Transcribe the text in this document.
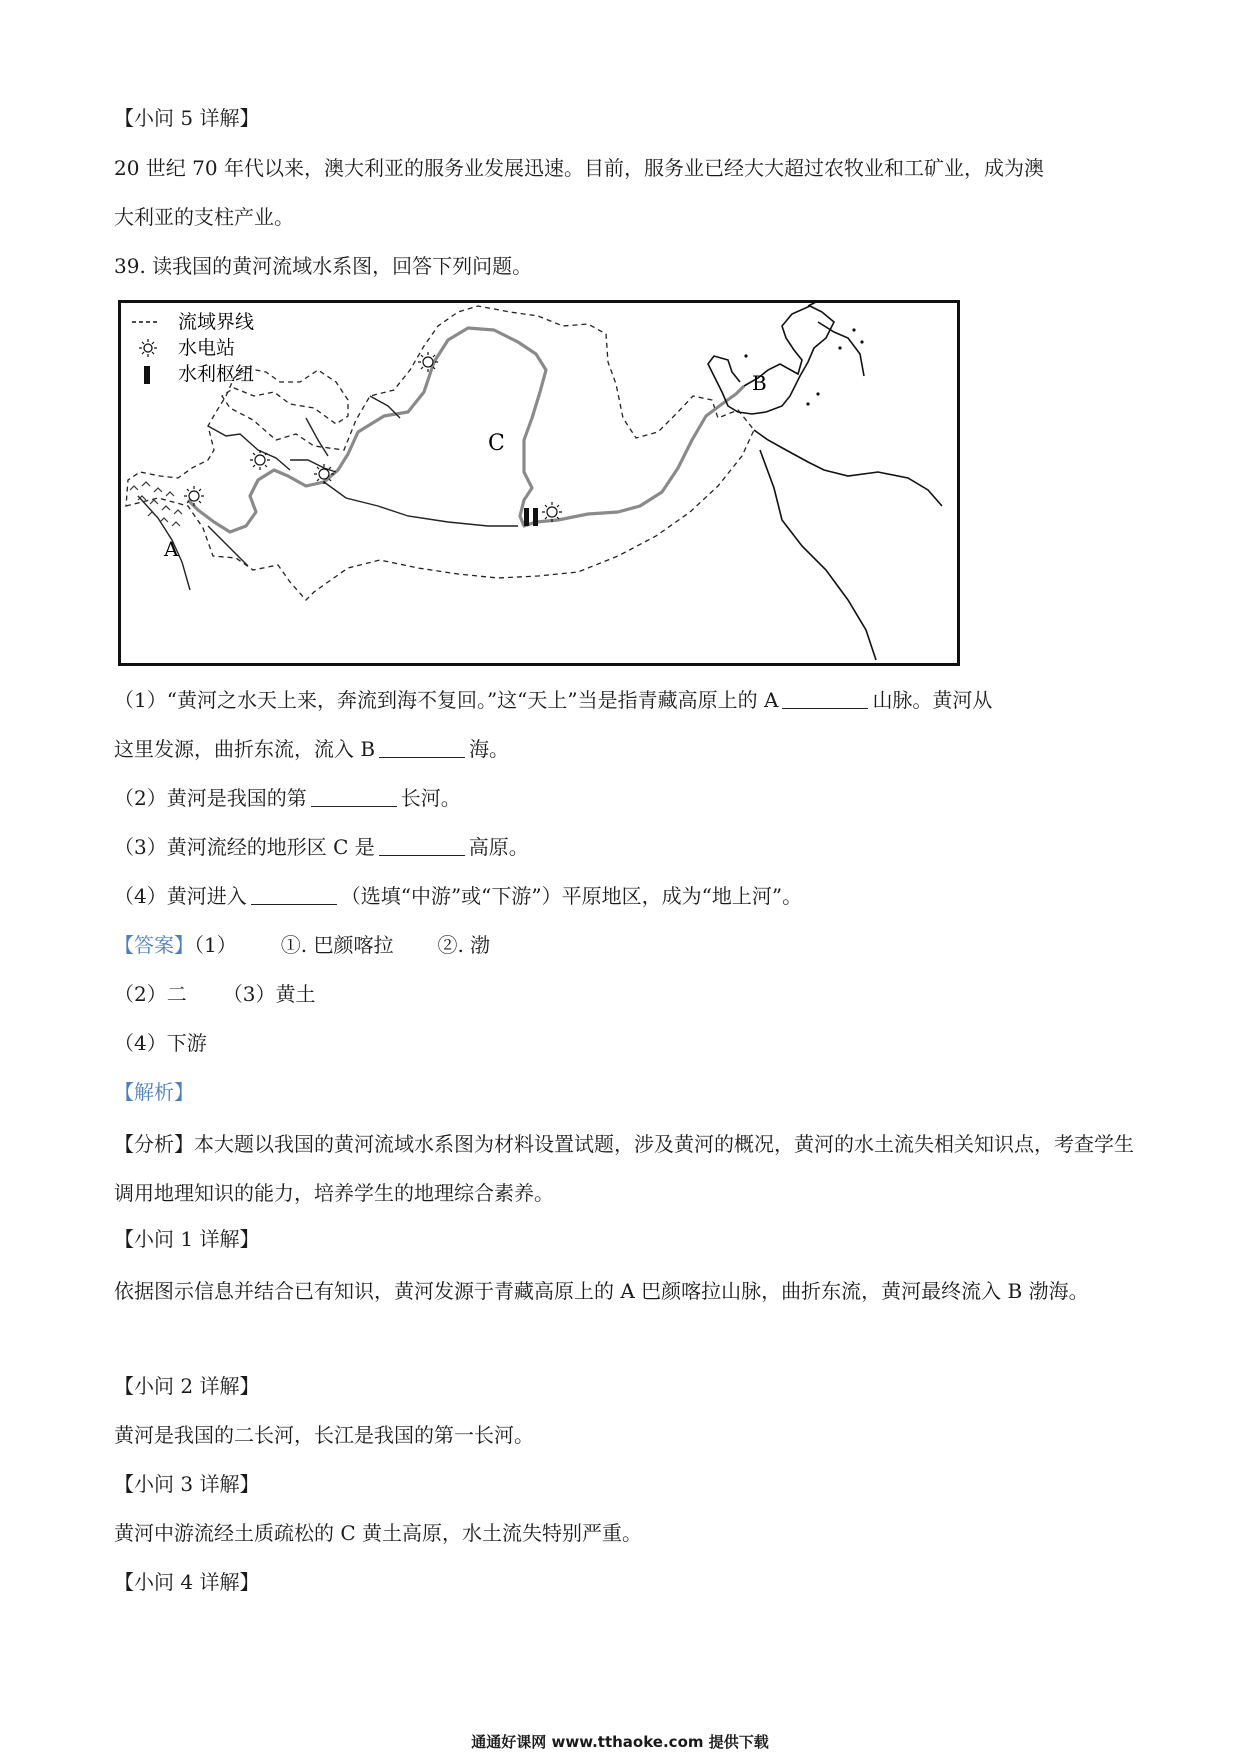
【小问 5 详解】
20 世纪 70 年代以来，澳大利亚的服务业发展迅速。目前，服务业已经大大超过农牧业和工矿业，成为澳
大利亚的支柱产业。
39. 读我国的黄河流域水系图，回答下列问题。
流域界线
水电站
水利枢纽
A
B
C
（1）“黄河之水天上来，奔流到海不复回。”这“天上”当是指青藏高原上的 A	山脉。黄河从
这里发源，曲折东流，流入 B	海。
（2）黄河是我国的第	长河。
（3）黄河流经的地形区 C 是	高原。
（4）黄河进入	（选填“中游”或“下游”）平原地区，成为“地上河”。
【答案】（1） ①. 巴颜喀拉 ②. 渤
（2）二 （3）黄土
（4）下游
【解析】
【分析】本大题以我国的黄河流域水系图为材料设置试题，涉及黄河的概况，黄河的水土流失相关知识点，考查学生调用地理知识的能力，培养学生的地理综合素养。
【小问 1 详解】
依据图示信息并结合已有知识，黄河发源于青藏高原上的 A 巴颜喀拉山脉，曲折东流，黄河最终流入 B 渤海。
【小问 2 详解】
黄河是我国的二长河，长江是我国的第一长河。
【小问 3 详解】
黄河中游流经土质疏松的 C 黄土高原，水土流失特别严重。
【小问 4 详解】
通通好课网 www.tthaoke.com 提供下载
